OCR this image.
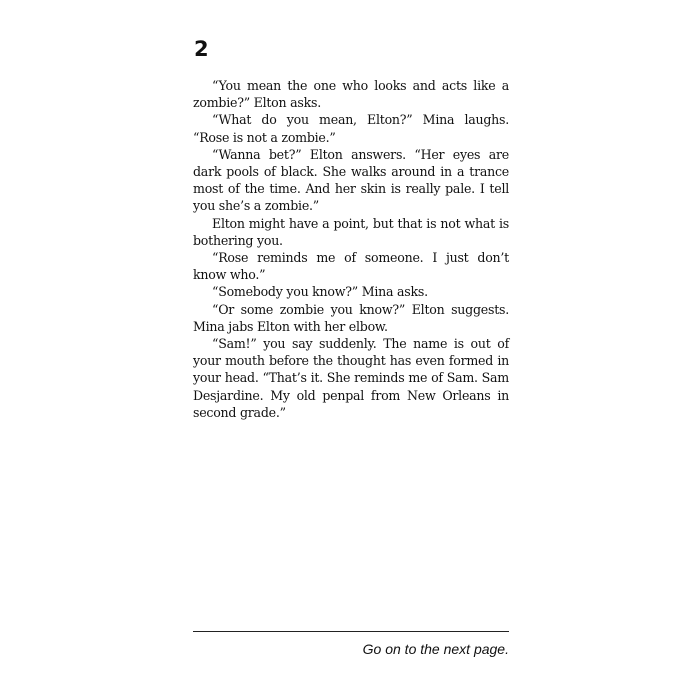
2

“You mean the one who looks and acts like a zombie?” Elton asks.

“What do you mean, Elton?” Mina laughs. “Rose is not a zombie.”

“Wanna bet?” Elton answers. “Her eyes are dark pools of black. She walks around in a trance most of the time. And her skin is really pale. I tell you she’s a zombie.”

Elton might have a point, but that is not what is bothering you.

“Rose reminds me of someone. I just don’t know who.”

“Somebody you know?” Mina asks.

“Or some zombie you know?” Elton suggests. Mina jabs Elton with her elbow.

“Sam!” you say suddenly. The name is out of your mouth before the thought has even formed in your head. “That’s it. She reminds me of Sam. Sam Desjardine. My old penpal from New Orleans in second grade.”

Go on to the next page.
